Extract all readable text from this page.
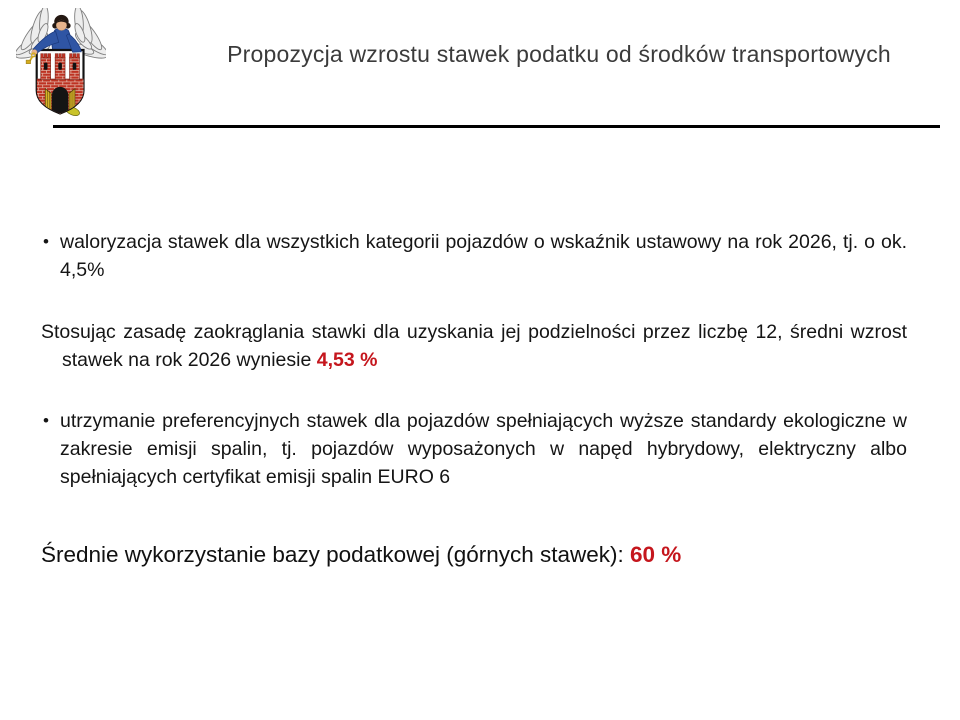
Propozycja wzrostu stawek podatku od środków transportowych
• waloryzacja stawek dla wszystkich kategorii pojazdów o wskaźnik ustawowy na rok 2026, tj. o ok. 4,5%

Stosując zasadę zaokrąglania stawki dla uzyskania jej podzielności przez liczbę 12, średni wzrost stawek na rok 2026 wyniesie 4,53 %

• utrzymanie preferencyjnych stawek dla pojazdów spełniających wyższe standardy ekologiczne w zakresie emisji spalin, tj. pojazdów wyposażonych w napęd hybrydowy, elektryczny albo spełniających certyfikat emisji spalin EURO 6

Średnie wykorzystanie bazy podatkowej (górnych stawek): 60 %
